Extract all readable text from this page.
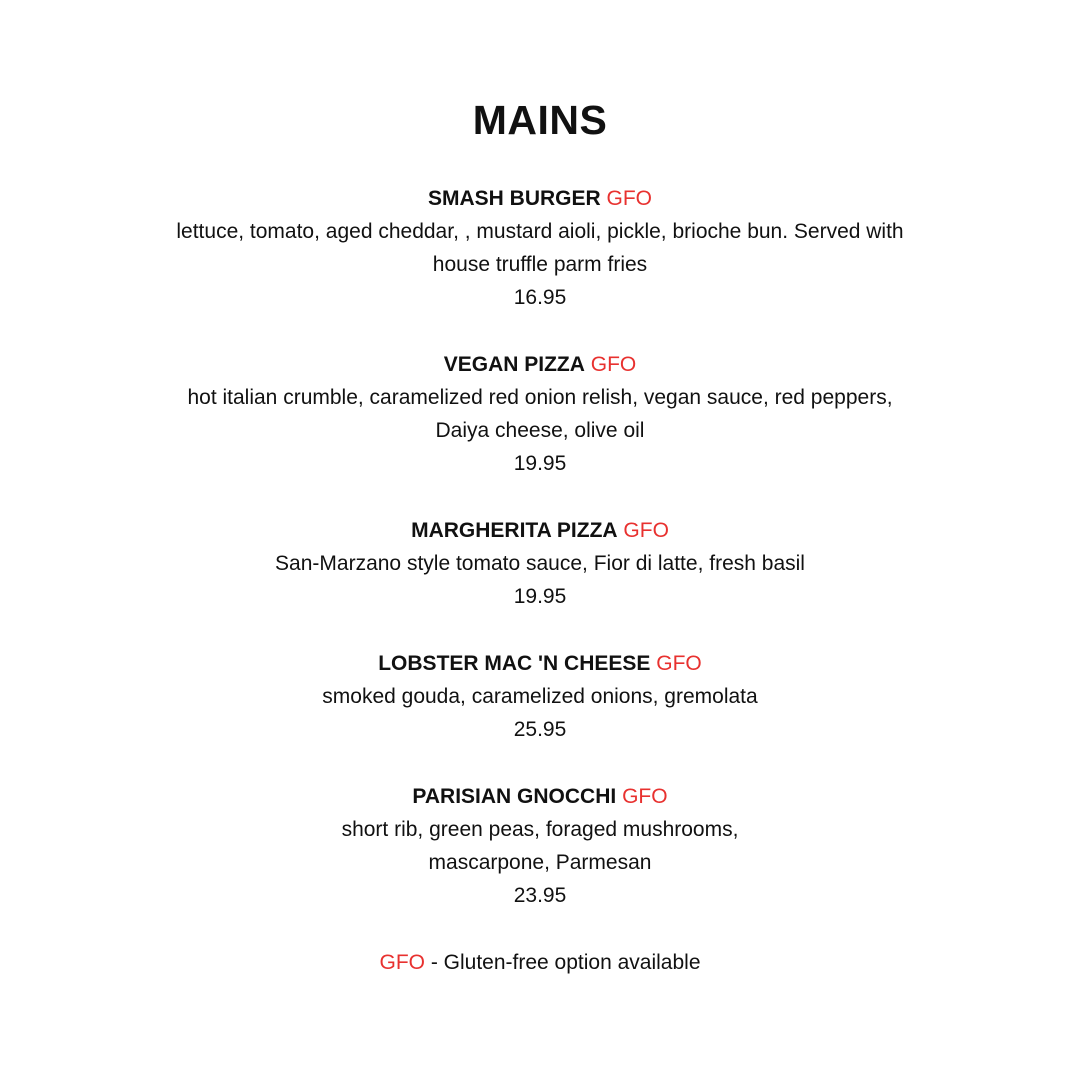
MAINS

SMASH BURGER GFO

lettuce, tomato, aged cheddar, , mustard aioli, pickle, brioche bun. Served with
house truffle parm fries

16.95

VEGAN PIZZA GFO

hot italian crumble, caramelized red onion relish, vegan sauce, red peppers,
Daiya cheese, olive oil

19.95

MARGHERITA PIZZA GFO

San-Marzano style tomato sauce, Fior di latte, fresh basil

19.95

LOBSTER MAC 'N CHEESE GFO

smoked gouda, caramelized onions, gremolata

25.95

PARISIAN GNOCCHI GFO

short rib, green peas, foraged mushrooms,
mascarpone, Parmesan

23.95

GFO - Gluten-free option available
